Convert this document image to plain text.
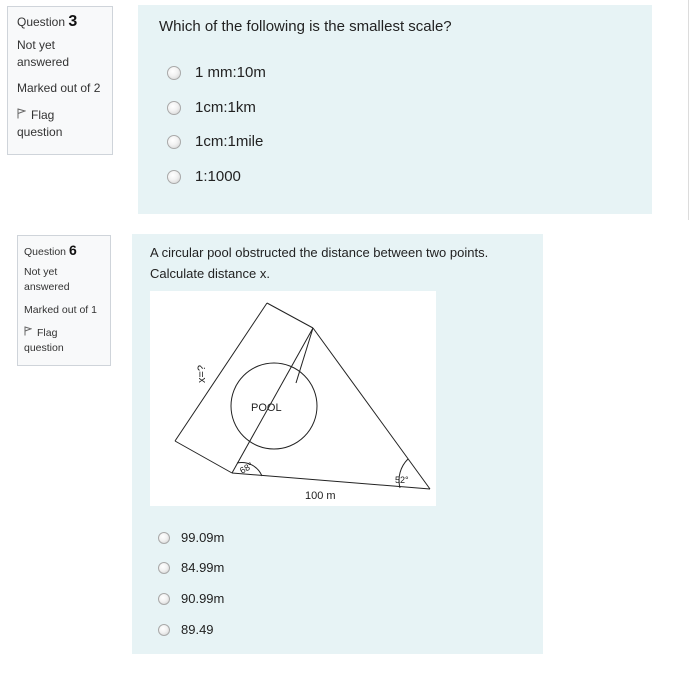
Question 3
Not yet
answered
Marked out of 2
Flag
question
Which of the following is the smallest scale?
1 mm:10m
1cm:1km
1cm:1mile
1:1000
Question 6
Not yet
answered
Marked out of 1
Flag
question
A circular pool obstructed the distance between two points.
Calculate distance x.
POOL
x=?
68°
52°
100 m
99.09m
84.99m
90.99m
89.49
